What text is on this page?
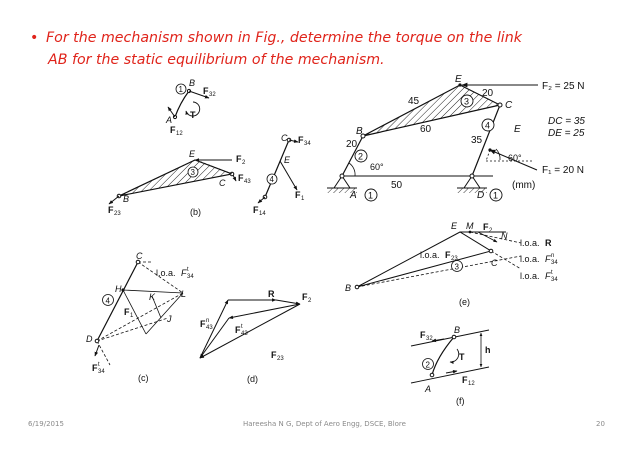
• For the mechanism shown in Fig., determine the torque on the link
AB for the static equilibrium of the mechanism.
A
B
C
D
E
E
20
45
20
60
35
50
60°
60°
2
3
4
1	1
F₂ = 25 N
F₁ = 20 N
DC = 35
DE = 25
(mm)
1
B
A T
F 32
F 12
3
E
B
C
F 2
F 43
F 23	(b)
4
C
E
F 34
F 1
F 14
4
C
H
K	L
J
D
F 1
l.o.a. F 34
t
F 34
t
(c)
R	F 2
F 43
n
F 43
t
F 23
(d)
3
E M F 2 N
B
C
l.o.a. R
l.o.a. F 23	l.o.a. F 34
n
l.o.a. F 34
t
(e)
2
B
A
T
h
F 32
F 12
(f)
6/19/2015	Hareesha N G, Dept of Aero Engg, DSCE, Blore	20
